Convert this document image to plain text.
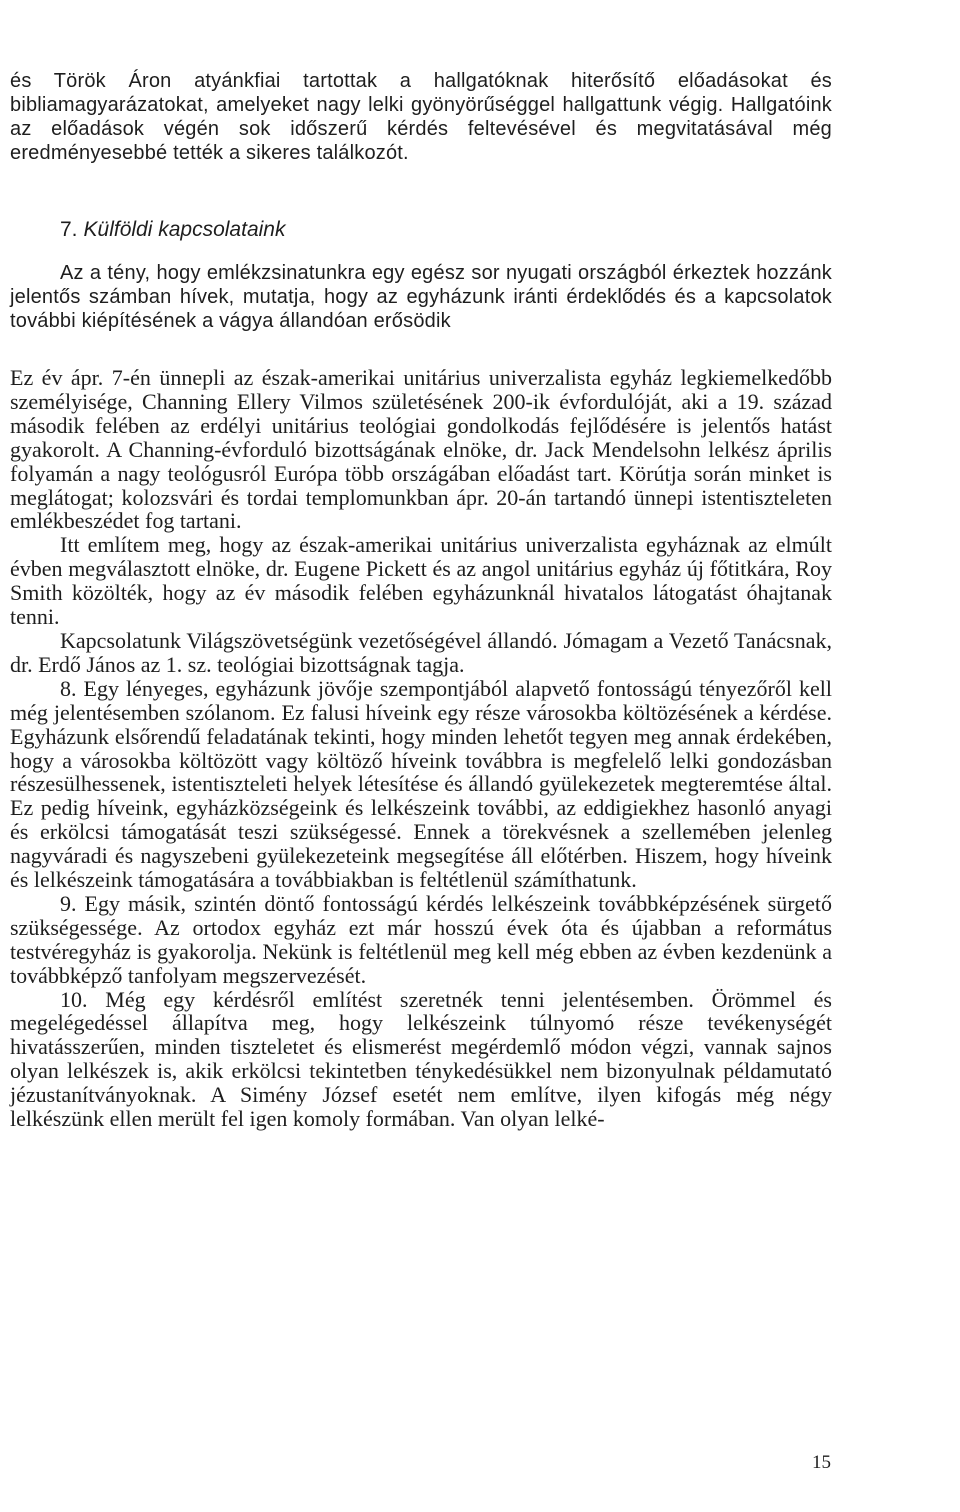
és Török Áron atyánkfiai tartottak a hallgatóknak hiterősítő előadásokat és bibliamagyarázatokat, amelyeket nagy lelki gyönyörűséggel hallgattunk végig. Hallgatóink az előadások végén sok időszerű kérdés feltevésével és megvitatásával még eredményesebbé tették a sikeres találkozót.

7. Külföldi kapcsolataink

Az a tény, hogy emlékzsinatunkra egy egész sor nyugati országból érkeztek hozzánk jelentős számban hívek, mutatja, hogy az egyházunk iránti érdeklődés és a kapcsolatok további kiépítésének a vágya állandóan erősödik

Ez év ápr. 7-én ünnepli az észak-amerikai unitárius univerzalista egyház legkiemelkedőbb személyisége, Channing Ellery Vilmos születésének 200-ik évfordulóját, aki a 19. század második felében az erdélyi unitárius teológiai gondolkodás fejlődésére is jelentős hatást gyakorolt. A Channing-évforduló bizottságának elnöke, dr. Jack Mendelsohn lelkész április folyamán a nagy teológusról Európa több országában előadást tart. Körútja során minket is meglátogat; kolozsvári és tordai templomunkban ápr. 20-án tartandó ünnepi istentiszteleten emlékbeszédet fog tartani.

Itt említem meg, hogy az észak-amerikai unitárius univerzalista egyháznak az elmúlt évben megválasztott elnöke, dr. Eugene Pickett és az angol unitárius egyház új főtitkára, Roy Smith közölték, hogy az év második felében egyházunknál hivatalos látogatást óhajtanak tenni.

Kapcsolatunk Világszövetségünk vezetőségével állandó. Jómagam a Vezető Tanácsnak, dr. Erdő János az 1. sz. teológiai bizottságnak tagja.

8. Egy lényeges, egyházunk jövője szempontjából alapvető fontosságú tényezőről kell még jelentésemben szólanom. Ez falusi híveink egy része városokba költözésének a kérdése. Egyházunk elsőrendű feladatának tekinti, hogy minden lehetőt tegyen meg annak érdekében, hogy a városokba költözött vagy költöző híveink továbbra is megfelelő lelki gondozásban részesülhessenek, istentiszteleti helyek létesítése és állandó gyülekezetek megteremtése által. Ez pedig híveink, egyházközségeink és lelkészeink további, az eddigiekhez hasonló anyagi és erkölcsi támogatását teszi szükségessé. Ennek a törekvésnek a szellemében jelenleg nagyváradi és nagyszebeni gyülekezeteink megsegítése áll előtérben. Hiszem, hogy híveink és lelkészeink támogatására a továbbiakban is feltétlenül számíthatunk.

9. Egy másik, szintén döntő fontosságú kérdés lelkészeink továbbképzésének sürgető szükségessége. Az ortodox egyház ezt már hosszú évek óta és újabban a református testvéregyház is gyakorolja. Nekünk is feltétlenül meg kell még ebben az évben kezdenünk a továbbképző tanfolyam megszervezését.

10. Még egy kérdésről említést szeretnék tenni jelentésemben. Örömmel és megelégedéssel állapítva meg, hogy lelkészeink túlnyomó része tevékenységét hivatásszerűen, minden tiszteletet és elismerést megérdemlő módon végzi, vannak sajnos olyan lelkészek is, akik erkölcsi tekintetben ténykedésükkel nem bizonyulnak példamutató jézustanítványoknak. A Simény József esetét nem említve, ilyen kifogás még négy lelkészünk ellen merült fel igen komoly formában. Van olyan lelké-

15
